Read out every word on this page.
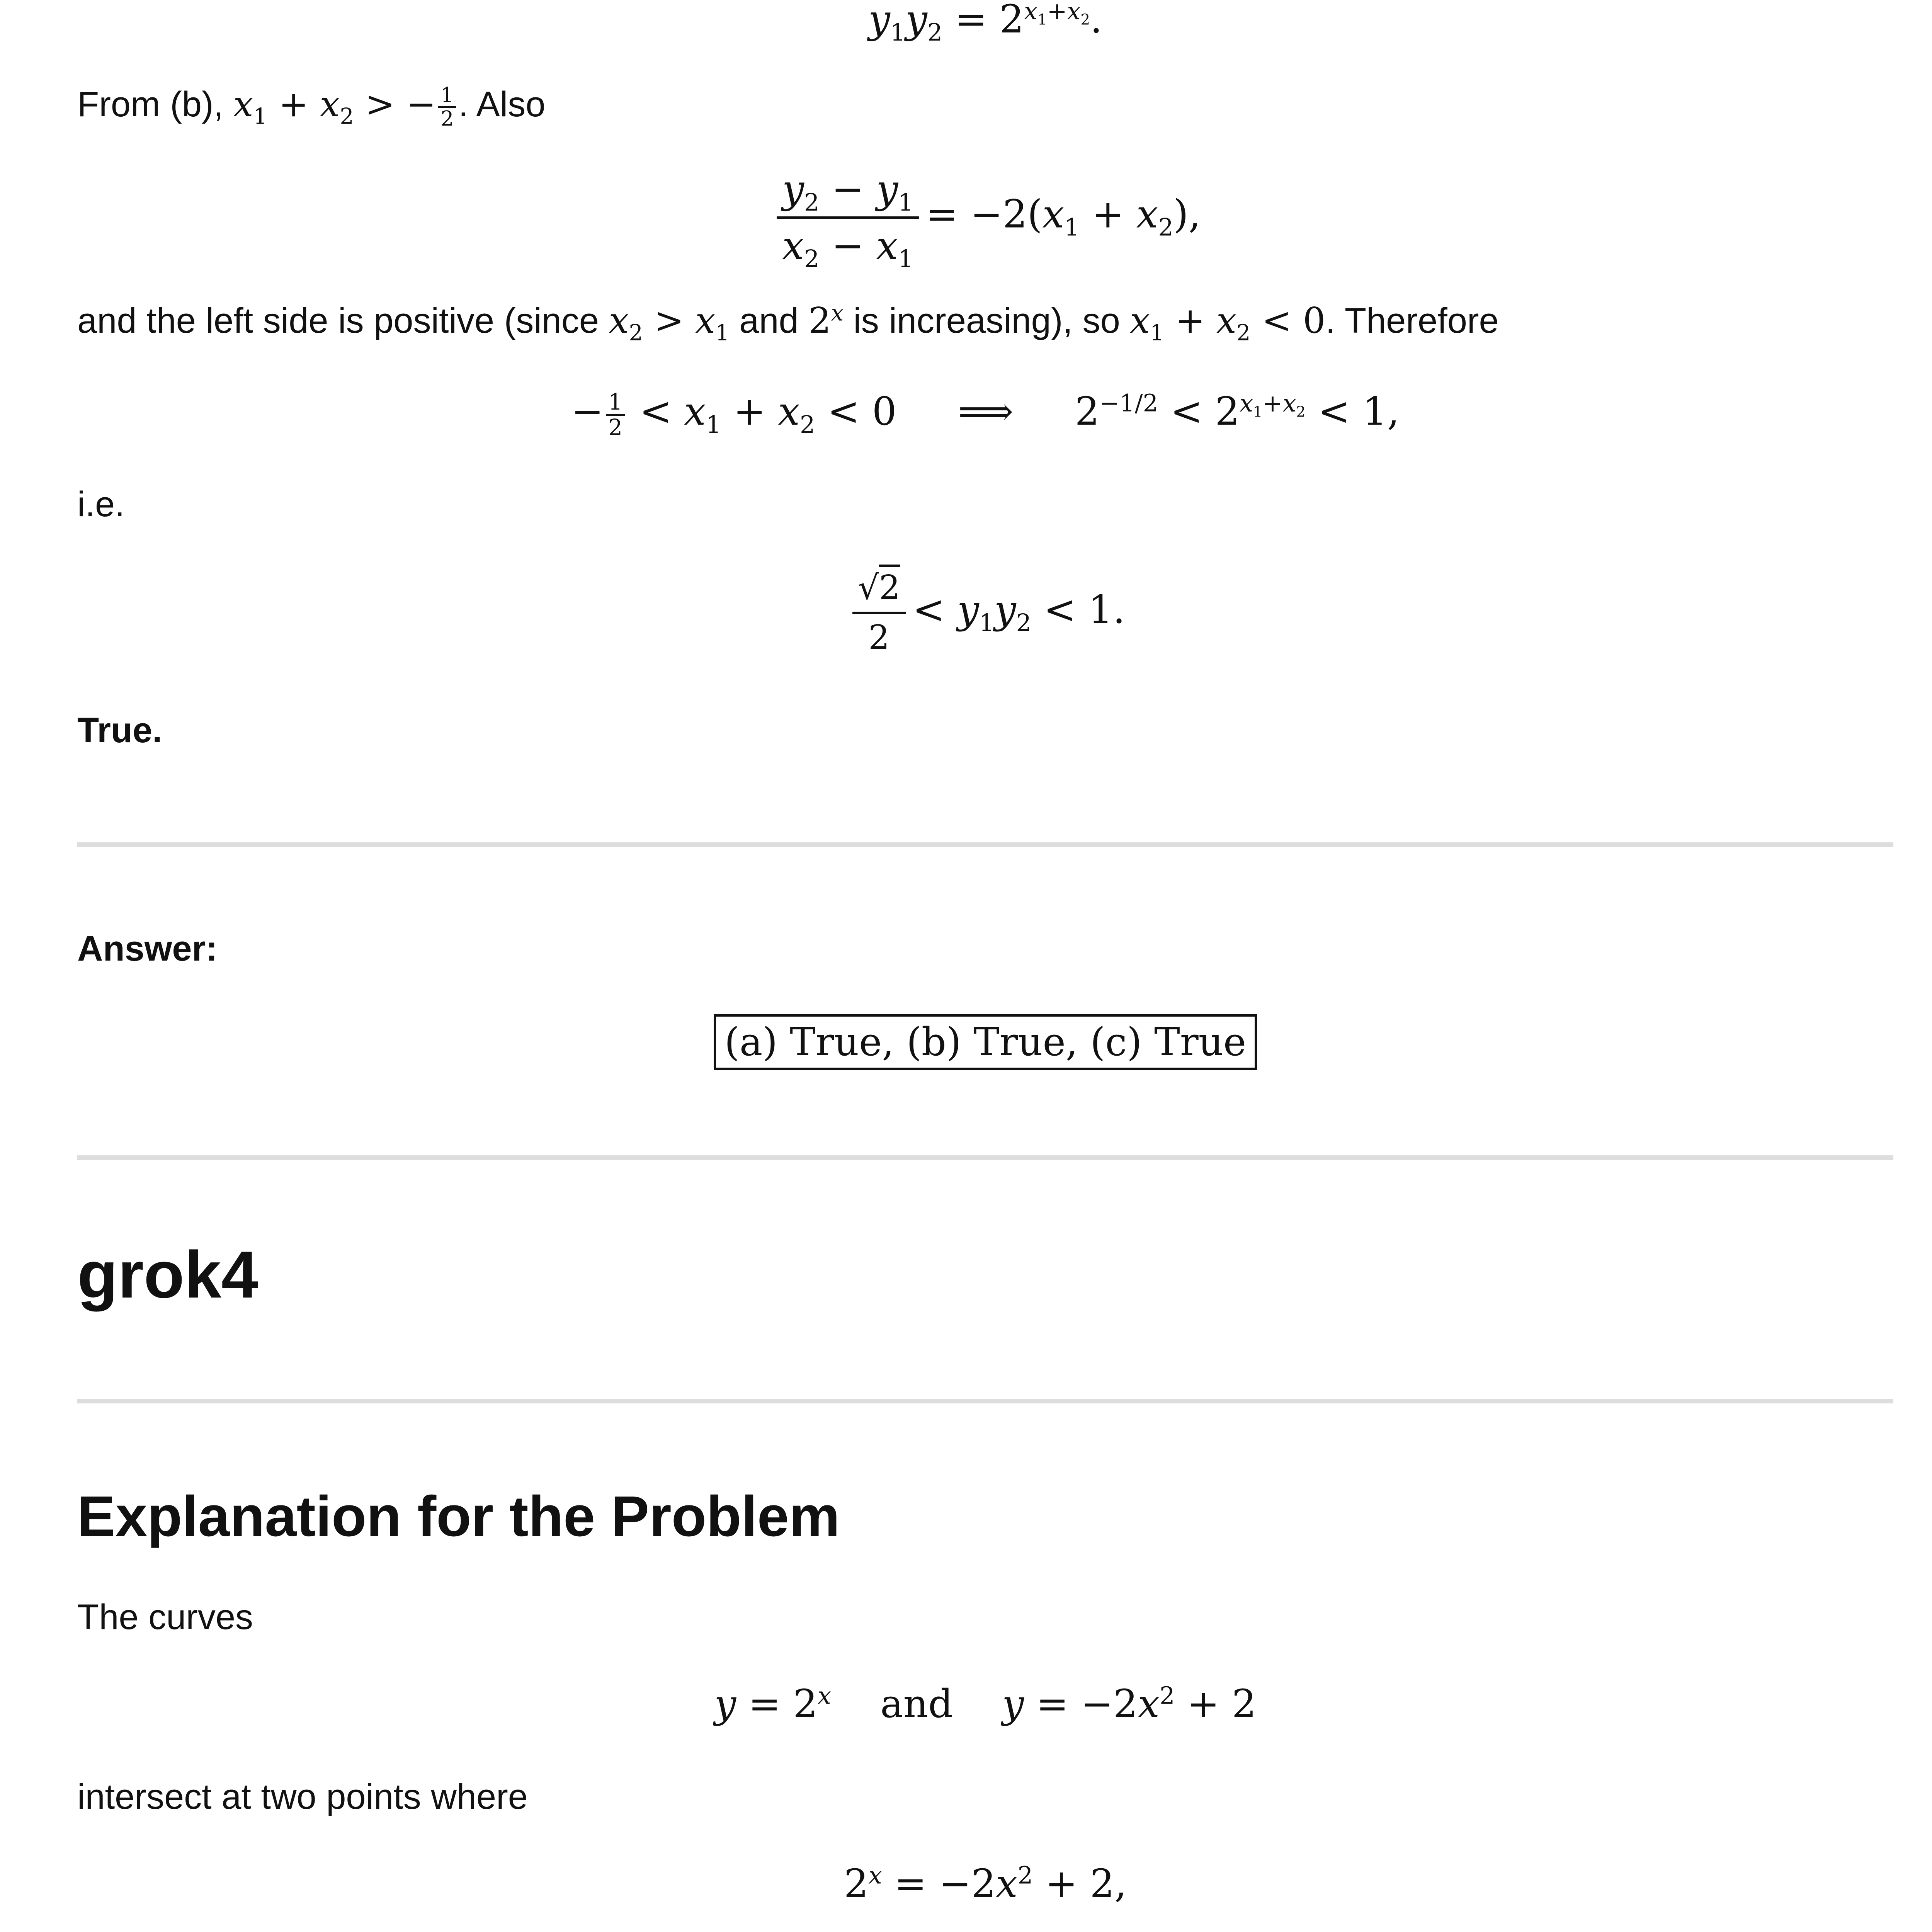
$y_1y_2 = 2^{x_1+x_2}$.
From (b), $x_1 + x_2$ > − $\frac{1}{2}$ . Also
$\frac{y_2 - y_1}{x_2 - x_1} = -2(x_1 + x_2)$,
and the left side is positive (since $x_2 > x_1$ and 2$^x$ is increasing), so $x_1 + x_2 < 0$. Therefore
− $\frac{1}{2} < x_1 + x_2 < 0$     ⟹     $2^{-1/2} < 2^{x_1+x_2} < 1$,
i.e.
$\frac{√2}{2} < y_1y_2 < 1$.
True.
Answer:
(a) True, (b) True, (c) True
grok4
Explanation for the Problem
The curves
$y = 2^x$    and    $y = -2x^2 + 2$
intersect at two points where
$2^x = -2x^2 + 2$,
